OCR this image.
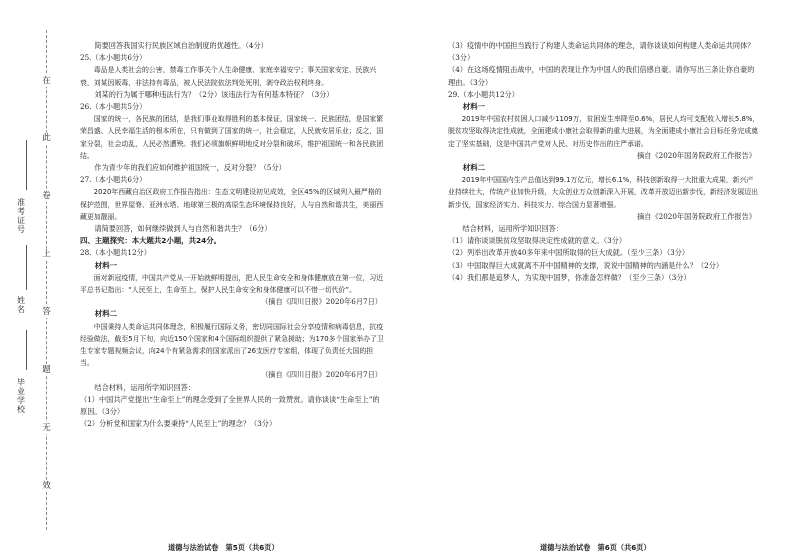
在
此
卷
上
答
题
无
效
准考证号
姓名
毕业学校

简要回答我国实行民族区域自治制度的优越性。（4分）

25.（本小题共6分）

毒品是人类社会的公害，禁毒工作事关个人生命健康、家庭幸福安宁；事关国家安定、民族兴衰，刘某因贩毒，非法持有毒品，被人民法院依法判处死刑，剥夺政治权利终身。

刘某的行为属于哪种违法行为？（2分）该违法行为有何基本特征？（3分）

26.（本小题共5分）

国家的统一，各民族的团结，是我们事业取得胜利的基本保证，国家统一、民族团结，是国家繁荣昌盛、人民幸福生活的根本所在，只有做到了国家的统一，社会稳定，人民就安居乐业；反之，国家分裂，社会动乱，人民必然遭殃。我们必须旗帜鲜明地反对分裂和破坏，维护祖国统一和各民族团结。

作为青少年的我们应如何维护祖国统一，反对分裂？（5分）

27.（本小题共6分）

2020年西藏自治区政府工作报告指出：生态文明建设初见成效，全区45%的区域列入最严格的保护范围，世界屋脊、亚洲水塔、地球第三极的高原生态环境保持良好，人与自然和谐共生，美丽西藏更加靓丽。

请简要回答，如何继续做到人与自然和谐共生？（6分）

四、主题探究：本大题共2小题，共24分。

28.（本小题共12分）

材料一

面对新冠疫情，中国共产党从一开始就鲜明提出，把人民生命安全和身体健康放在第一位，习近平总书记指出：“人民至上，生命至上，保护人民生命安全和身体健康可以不惜一切代价”。

（摘自《四川日报》2020年6月7日）

材料二

中国秉持人类命运共同体理念，积极履行国际义务，密切同国际社会分享疫情和病毒信息，抗疫经验做法，截至5月下旬，向近150个国家和4个国际组织提供了紧急援助；为170多个国家举办了卫生专家专题视频会议，向24个有紧急需求的国家派出了26支医疗专家组，体现了负责任大国的担当。

（摘自《四川日报》2020年6月7日）

结合材料，运用所学知识回答：

（1）中国共产党提出“生命至上”的理念受到了全世界人民的一致赞赏。请你谈谈“生命至上”的原因。（3分）

（2）分析党和国家为什么要秉持“人民至上”的理念？（3分）

（3）疫情中的中国担当践行了构建人类命运共同体的理念，请你谈谈如何构建人类命运共同体？（3分）

（4）在这场疫情阻击战中，中国的表现让作为中国人的我们倍感自豪。请你写出三条让你自豪的理由。（3分）

29.（本小题共12分）

材料一

2019年中国农村贫困人口减少1109万，贫困发生率降至0.6%，居民人均可支配收入增长5.8%，脱贫攻坚取得决定性成就，全面建成小康社会取得新的重大进展，为全面建成小康社会目标任务完成奠定了坚实基础，这是中国共产党对人民、对历史作出的庄严承诺。

摘自《2020年国务院政府工作报告》

材料二

2019年中国国内生产总值达到99.1万亿元，增长6.1%，科技创新取得一大批重大成果，新兴产业持续壮大，传统产业加快升级，大众创业万众创新深入开展，改革开放迈出新步伐，新经济发展迈出新步伐，国家经济实力、科技实力、综合国力显著增强。

摘自《2020年国务院政府工作报告》

结合材料，运用所学知识回答：

（1）请你谈谈脱贫攻坚取得决定性成就的意义。（3分）

（2）列举出改革开放40多年来中国所取得的巨大成就。（至少三条）（3分）

（3）中国取得巨大成就离不开中国精神的支撑，说说中国精神的内涵是什么？（2分）

（4）我们都是追梦人，为实现中国梦，你准备怎样做？（至少三条）（3分）

道德与法治试卷　第5页（共6页）	道德与法治试卷　第6页（共6页）
